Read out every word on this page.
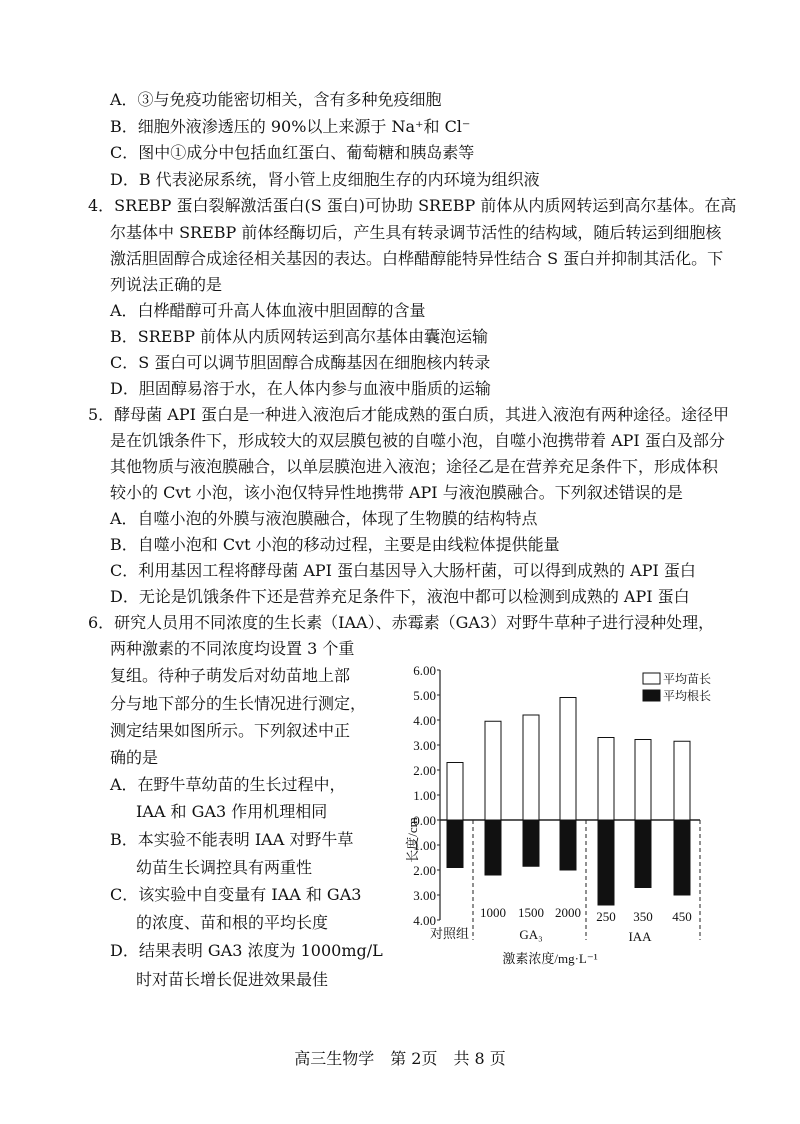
A．③与免疫功能密切相关，含有多种免疫细胞
B．细胞外液渗透压的 90%以上来源于 Na⁺和 Cl⁻
C．图中①成分中包括血红蛋白、葡萄糖和胰岛素等
D．B 代表泌尿系统，肾小管上皮细胞生存的内环境为组织液
4．SREBP 蛋白裂解激活蛋白(S 蛋白)可协助 SREBP 前体从内质网转运到高尔基体。在高
尔基体中 SREBP 前体经酶切后，产生具有转录调节活性的结构域，随后转运到细胞核
激活胆固醇合成途径相关基因的表达。白桦醋醇能特异性结合 S 蛋白并抑制其活化。下
列说法正确的是
A．白桦醋醇可升高人体血液中胆固醇的含量
B．SREBP 前体从内质网转运到高尔基体由囊泡运输
C．S 蛋白可以调节胆固醇合成酶基因在细胞核内转录
D．胆固醇易溶于水，在人体内参与血液中脂质的运输
5．酵母菌 API 蛋白是一种进入液泡后才能成熟的蛋白质，其进入液泡有两种途径。途径甲
是在饥饿条件下，形成较大的双层膜包被的自噬小泡，自噬小泡携带着 API 蛋白及部分
其他物质与液泡膜融合，以单层膜泡进入液泡；途径乙是在营养充足条件下，形成体积
较小的 Cvt 小泡，该小泡仅特异性地携带 API 与液泡膜融合。下列叙述错误的是
A．自噬小泡的外膜与液泡膜融合，体现了生物膜的结构特点
B．自噬小泡和 Cvt 小泡的移动过程，主要是由线粒体提供能量
C．利用基因工程将酵母菌 API 蛋白基因导入大肠杆菌，可以得到成熟的 API 蛋白
D．无论是饥饿条件下还是营养充足条件下，液泡中都可以检测到成熟的 API 蛋白
6．研究人员用不同浓度的生长素（IAA）、赤霉素（GA3）对野牛草种子进行浸种处理，
两种激素的不同浓度均设置 3 个重
复组。待种子萌发后对幼苗地上部
分与地下部分的生长情况进行测定，
测定结果如图所示。下列叙述中正
确的是
A．在野牛草幼苗的生长过程中，
IAA 和 GA3 作用机理相同
B．本实验不能表明 IAA 对野牛草
幼苗生长调控具有两重性
C．该实验中自变量有 IAA 和 GA3
的浓度、苗和根的平均长度
D．结果表明 GA3 浓度为 1000mg/L
时对苗长增长促进效果最佳
6.00
5.00
4.00
3.00
2.00
1.00
0.00
1.00
2.00
3.00
4.00
长度/cm
对照组
1000 1500 2000 250 350 450
GA₃	IAA
激素浓度/mg·L⁻¹
平均苗长
平均根长
高三生物学　第 2页　共 8 页
